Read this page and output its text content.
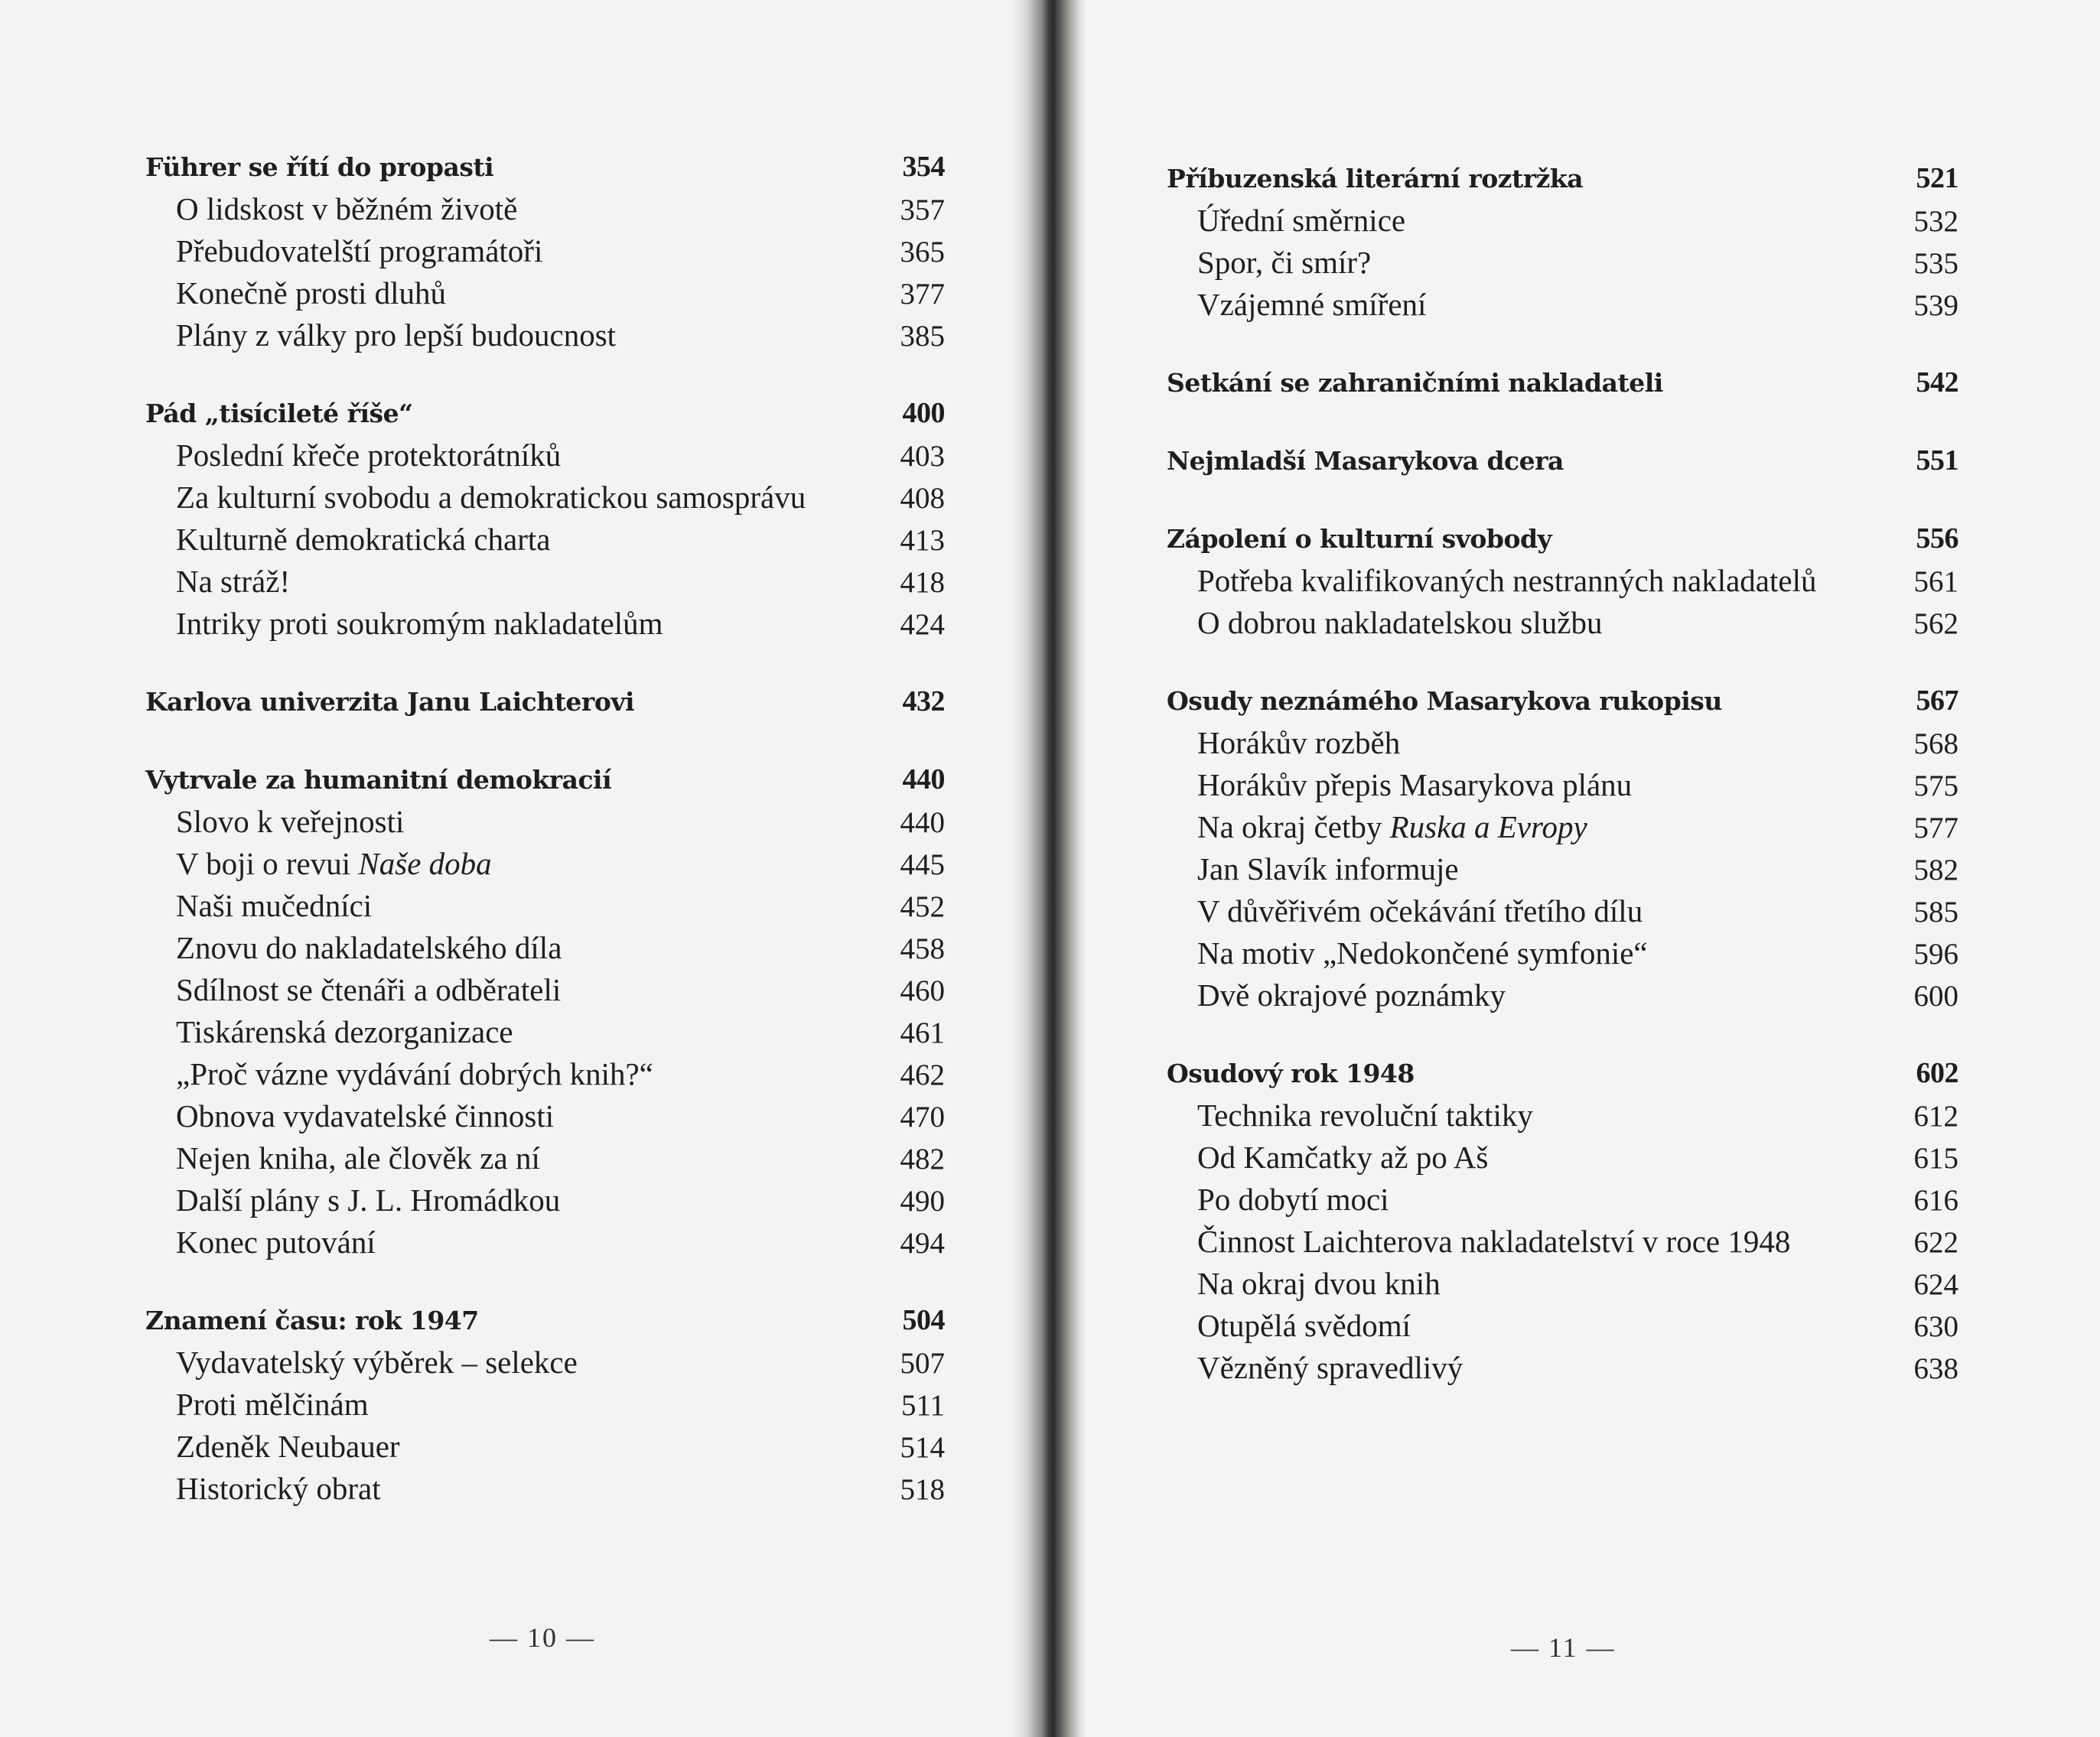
Führer se řítí do propasti	354
O lidskost v běžném životě	357
Přebudovatelští programátoři	365
Konečně prosti dluhů	377
Plány z války pro lepší budoucnost	385
Pád „tisícileté říše“	400
Poslední křeče protektorátníků	403
Za kulturní svobodu a demokratickou samosprávu	408
Kulturně demokratická charta	413
Na stráž!	418
Intriky proti soukromým nakladatelům	424
Karlova univerzita Janu Laichterovi	432
Vytrvale za humanitní demokracií	440
Slovo k veřejnosti	440
V boji o revui Naše doba	445
Naši mučedníci	452
Znovu do nakladatelského díla	458
Sdílnost se čtenáři a odběrateli	460
Tiskárenská dezorganizace	461
„Proč vázne vydávání dobrých knih?“	462
Obnova vydavatelské činnosti	470
Nejen kniha, ale člověk za ní	482
Další plány s J. L. Hromádkou	490
Konec putování	494
Znamení času: rok 1947	504
Vydavatelský výběrek – selekce	507
Proti mělčinám	511
Zdeněk Neubauer	514
Historický obrat	518
Příbuzenská literární roztržka	521
Úřední směrnice	532
Spor, či smír?	535
Vzájemné smíření	539
Setkání se zahraničními nakladateli	542
Nejmladší Masarykova dcera	551
Zápolení o kulturní svobody	556
Potřeba kvalifikovaných nestranných nakladatelů	561
O dobrou nakladatelskou službu	562
Osudy neznámého Masarykova rukopisu	567
Horákův rozběh	568
Horákův přepis Masarykova plánu	575
Na okraj četby Ruska a Evropy	577
Jan Slavík informuje	582
V důvěřivém očekávání třetího dílu	585
Na motiv „Nedokončené symfonie“	596
Dvě okrajové poznámky	600
Osudový rok 1948	602
Technika revoluční taktiky	612
Od Kamčatky až po Aš	615
Po dobytí moci	616
Činnost Laichterova nakladatelství v roce 1948	622
Na okraj dvou knih	624
Otupělá svědomí	630
Vězněný spravedlivý	638
— 10 —	— 11 —
